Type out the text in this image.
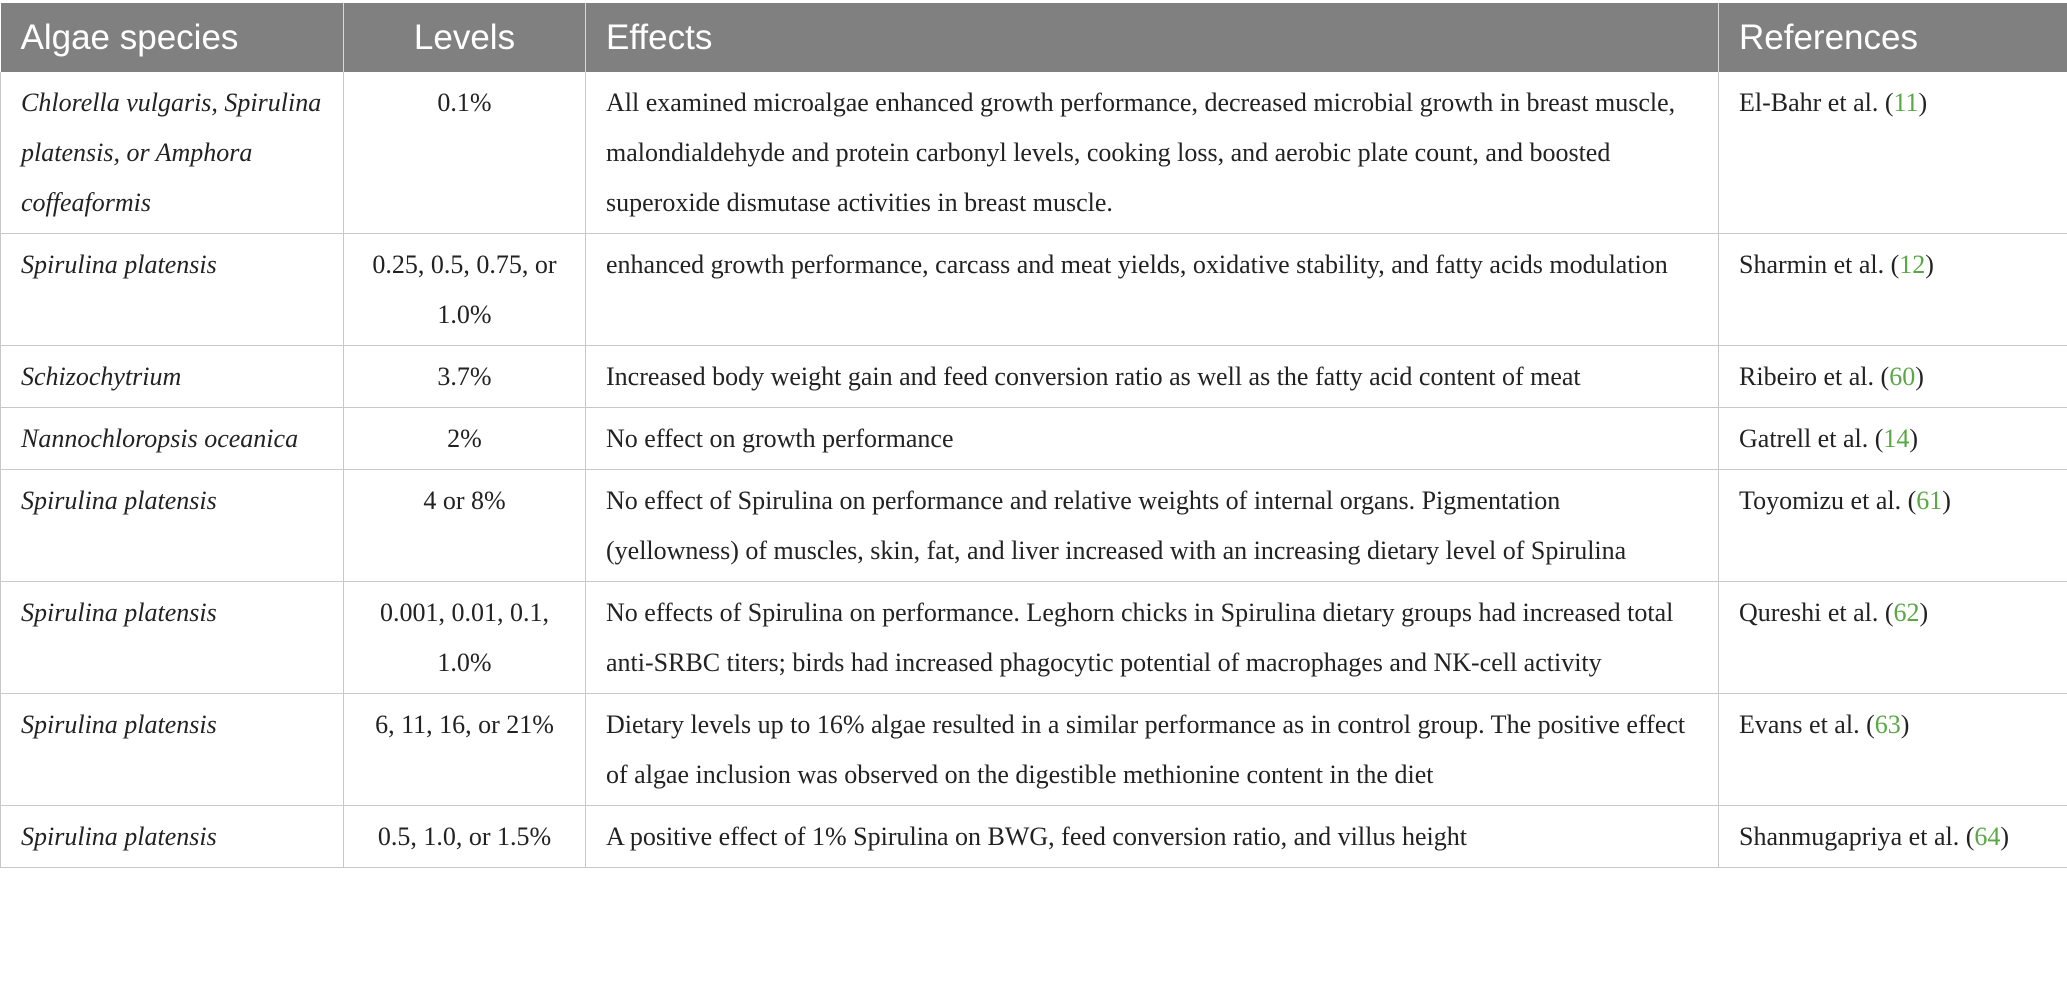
Algae species	Levels	Effects	References
Chlorella vulgaris, Spirulina platensis, or Amphora coffeaformis	0.1%	All examined microalgae enhanced growth performance, decreased microbial growth in breast muscle, malondialdehyde and protein carbonyl levels, cooking loss, and aerobic plate count, and boosted superoxide dismutase activities in breast muscle.	El-Bahr et al. (11)
Spirulina platensis	0.25, 0.5, 0.75, or 1.0%	enhanced growth performance, carcass and meat yields, oxidative stability, and fatty acids modulation	Sharmin et al. (12)
Schizochytrium	3.7%	Increased body weight gain and feed conversion ratio as well as the fatty acid content of meat	Ribeiro et al. (60)
Nannochloropsis oceanica	2%	No effect on growth performance	Gatrell et al. (14)
Spirulina platensis	4 or 8%	No effect of Spirulina on performance and relative weights of internal organs. Pigmentation (yellowness) of muscles, skin, fat, and liver increased with an increasing dietary level of Spirulina	Toyomizu et al. (61)
Spirulina platensis	0.001, 0.01, 0.1, 1.0%	No effects of Spirulina on performance. Leghorn chicks in Spirulina dietary groups had increased total anti-SRBC titers; birds had increased phagocytic potential of macrophages and NK-cell activity	Qureshi et al. (62)
Spirulina platensis	6, 11, 16, or 21%	Dietary levels up to 16% algae resulted in a similar performance as in control group. The positive effect of algae inclusion was observed on the digestible methionine content in the diet	Evans et al. (63)
Spirulina platensis	0.5, 1.0, or 1.5%	A positive effect of 1% Spirulina on BWG, feed conversion ratio, and villus height	Shanmugapriya et al. (64)
